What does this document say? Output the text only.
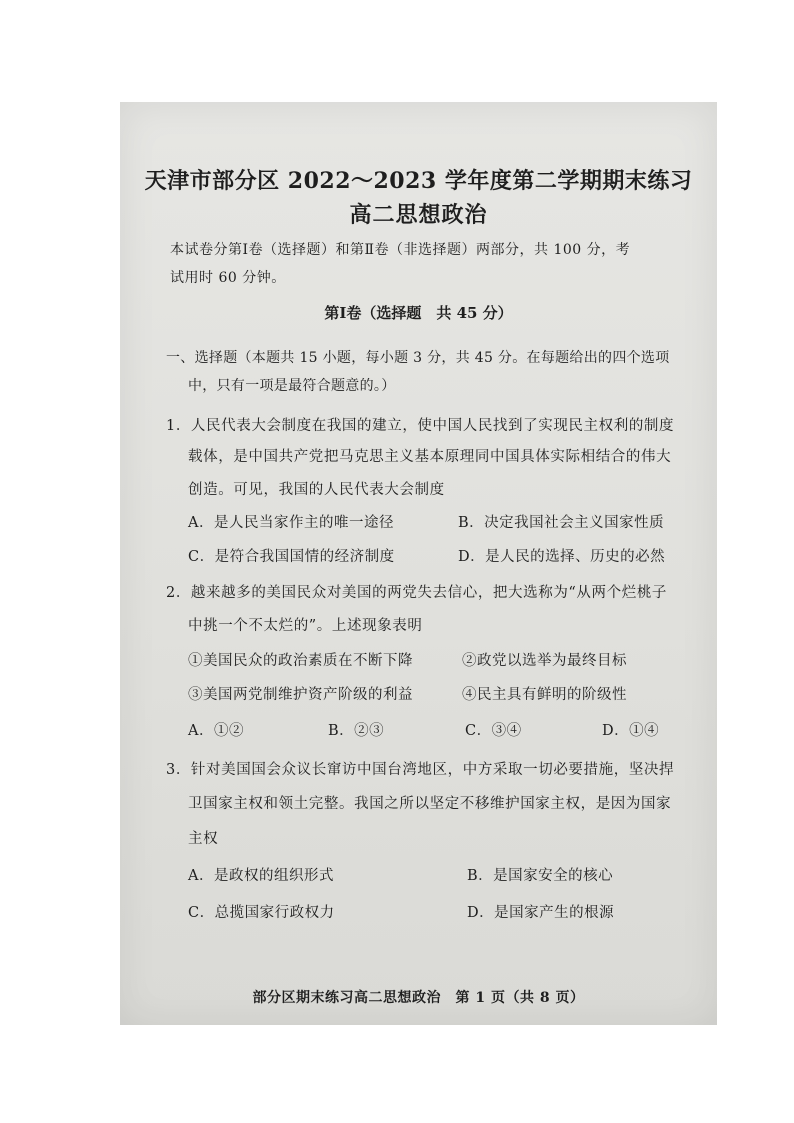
天津市部分区 2022～2023 学年度第二学期期末练习
高二思想政治
本试卷分第Ⅰ卷（选择题）和第Ⅱ卷（非选择题）两部分，共 100 分，考
试用时 60 分钟。
第Ⅰ卷（选择题　共 45 分）
一、选择题（本题共 15 小题，每小题 3 分，共 45 分。在每题给出的四个选项
中，只有一项是最符合题意的。）
1．人民代表大会制度在我国的建立，使中国人民找到了实现民主权利的制度
载体，是中国共产党把马克思主义基本原理同中国具体实际相结合的伟大
创造。可见，我国的人民代表大会制度
A．是人民当家作主的唯一途径	B．决定我国社会主义国家性质
C．是符合我国国情的经济制度	D．是人民的选择、历史的必然
2．越来越多的美国民众对美国的两党失去信心，把大选称为“从两个烂桃子
中挑一个不太烂的”。上述现象表明
①美国民众的政治素质在不断下降	②政党以选举为最终目标
③美国两党制维护资产阶级的利益	④民主具有鲜明的阶级性
A．①②	B．②③	C．③④	D．①④
3．针对美国国会众议长窜访中国台湾地区，中方采取一切必要措施，坚决捍
卫国家主权和领土完整。我国之所以坚定不移维护国家主权，是因为国家
主权
A．是政权的组织形式	B．是国家安全的核心
C．总揽国家行政权力	D．是国家产生的根源
部分区期末练习高二思想政治　第 1 页（共 8 页）
